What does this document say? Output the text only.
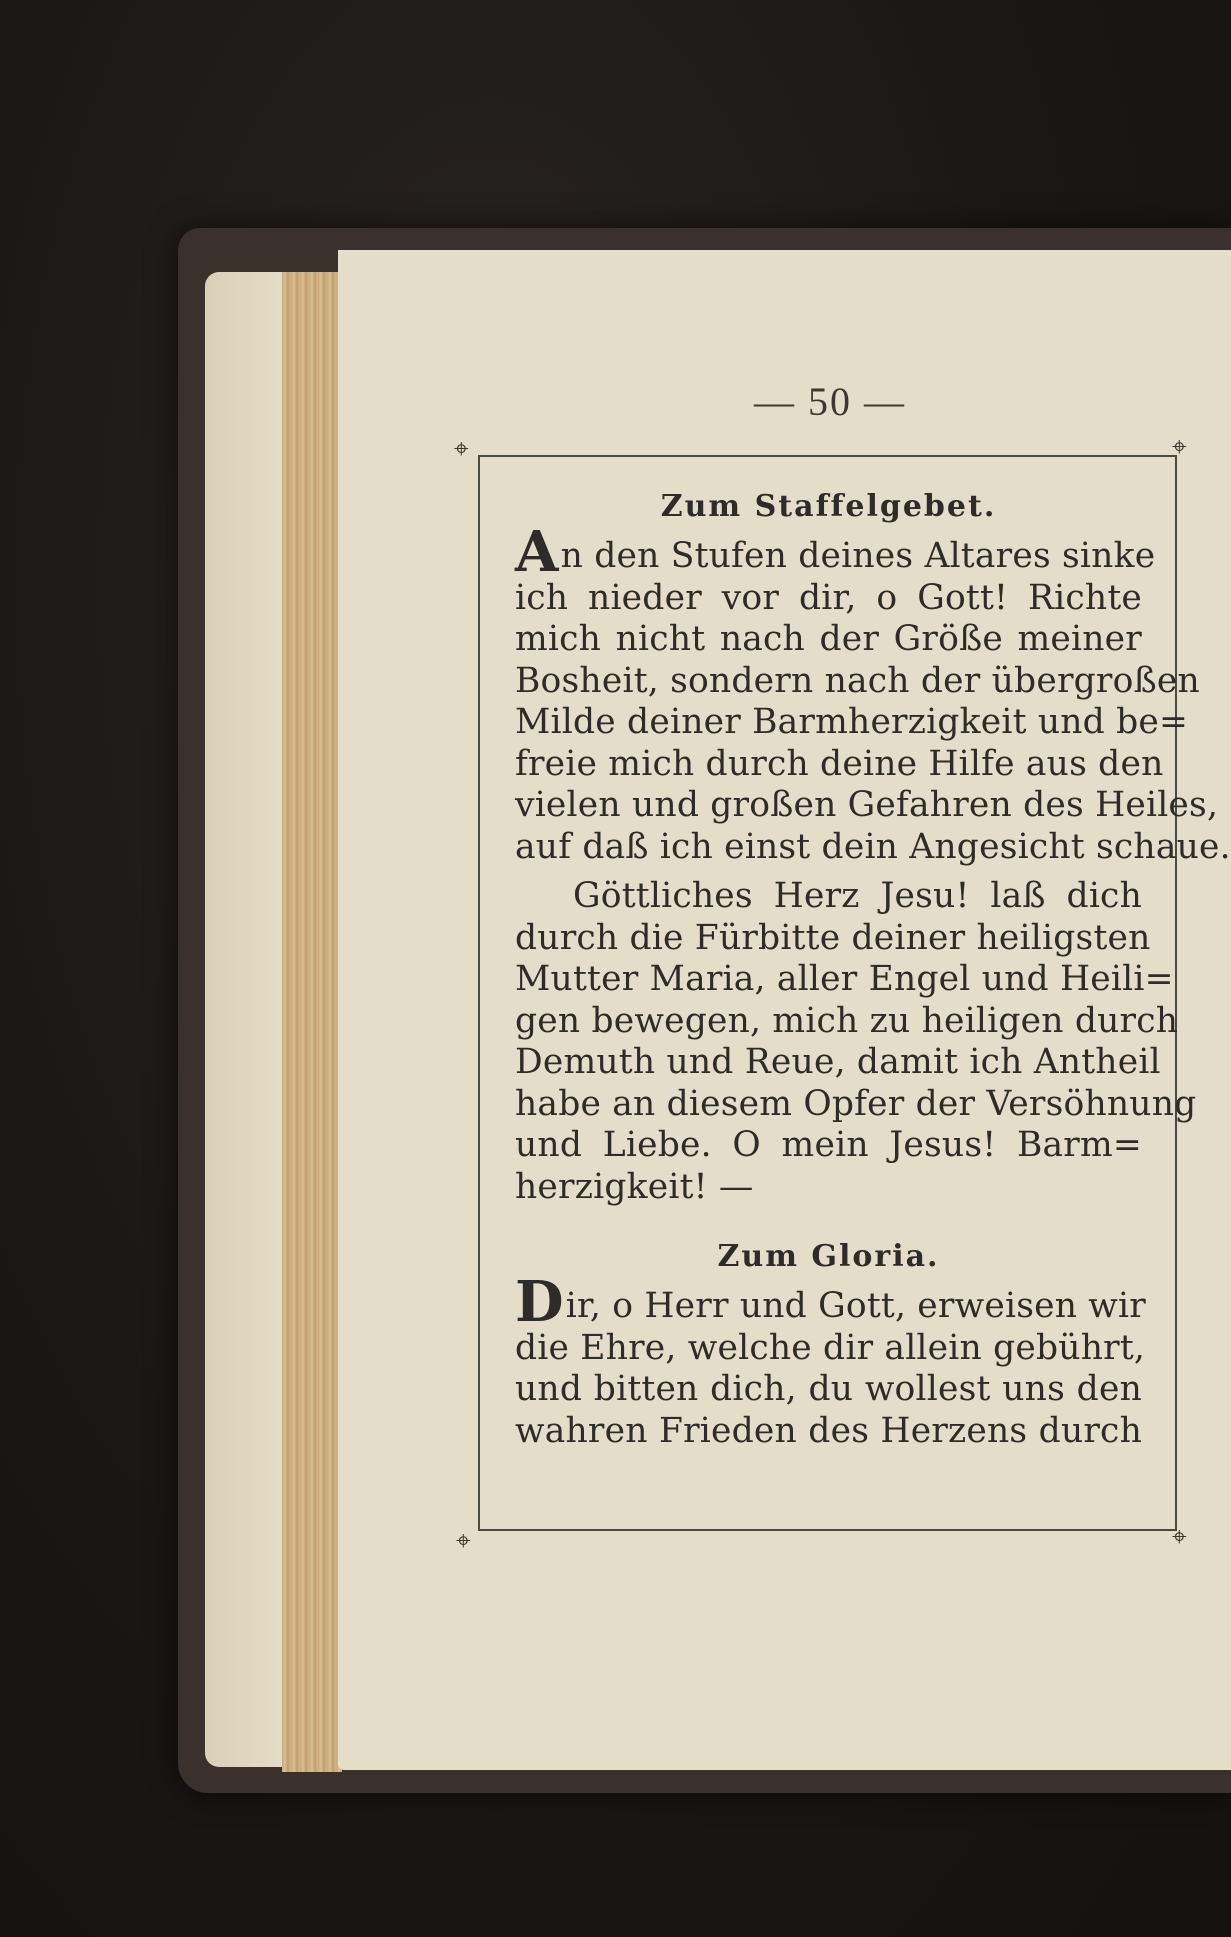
— 50 —
⌖	⌖
⌖	⌖
Zum Staffelgebet.
An den Stufen deines Altares sinke
ich nieder vor dir, o Gott! Richte
mich nicht nach der Größe meiner
Bosheit, sondern nach der übergroßen
Milde deiner Barmherzigkeit und be=
freie mich durch deine Hilfe aus den
vielen und großen Gefahren des Heiles,
auf daß ich einst dein Angesicht schaue.
Göttliches Herz Jesu! laß dich
durch die Fürbitte deiner heiligsten
Mutter Maria, aller Engel und Heili=
gen bewegen, mich zu heiligen durch
Demuth und Reue, damit ich Antheil
habe an diesem Opfer der Versöhnung
und Liebe. O mein Jesus! Barm=
herzigkeit! —
Zum Gloria.
Dir, o Herr und Gott, erweisen wir
die Ehre, welche dir allein gebührt,
und bitten dich, du wollest uns den
wahren Frieden des Herzens durch
